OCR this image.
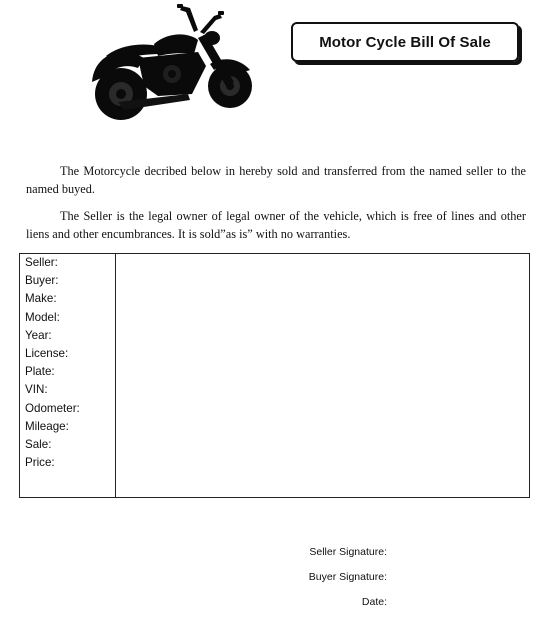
Motor Cycle Bill Of Sale

The Motorcycle decribed below in hereby sold and transferred from the named seller to the named buyed.

The Seller is the legal owner of legal owner of the vehicle, which is free of lines and other liens and other encumbrances. It is sold”as is” with no warranties.

Seller:
Buyer:
Make:
Model:
Year:
License:
Plate:
VIN:
Odometer:
Mileage:
Sale:
Price:
Seller Signature:
Buyer Signature:
Date:
